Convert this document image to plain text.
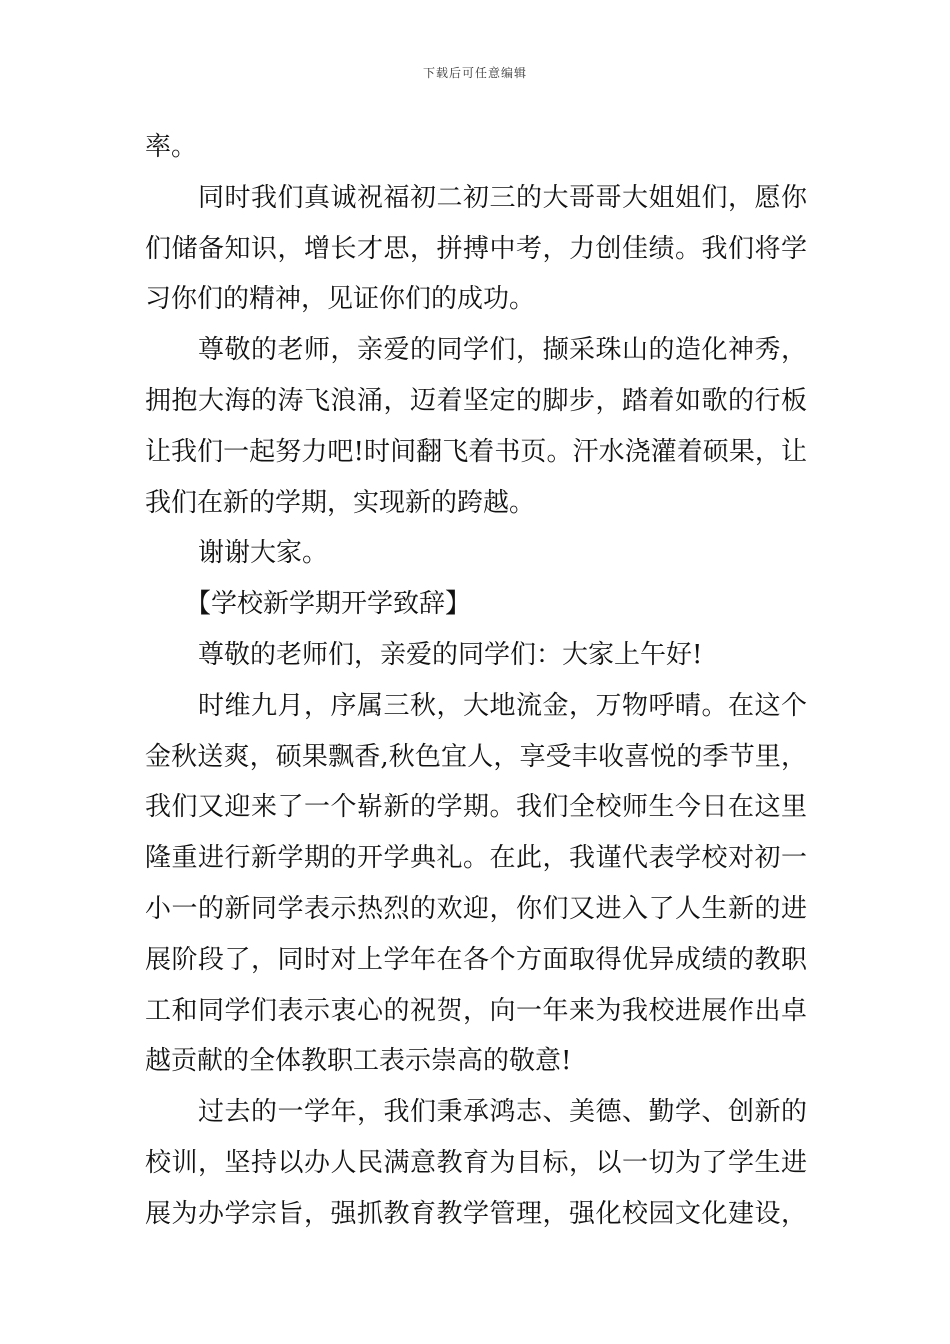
下载后可任意编辑
率。
同时我们真诚祝福初二初三的大哥哥大姐姐们，愿你
们储备知识，增长才思，拼搏中考，力创佳绩。我们将学
习你们的精神，见证你们的成功。
尊敬的老师，亲爱的同学们，撷采珠山的造化神秀，
拥抱大海的涛飞浪涌，迈着坚定的脚步，踏着如歌的行板
让我们一起努力吧!时间翻飞着书页。汗水浇灌着硕果，让
我们在新的学期，实现新的跨越。
谢谢大家。
【学校新学期开学致辞】
尊敬的老师们，亲爱的同学们：大家上午好!
时维九月，序属三秋，大地流金，万物呼晴。在这个
金秋送爽，硕果飘香,秋色宜人，享受丰收喜悦的季节里，
我们又迎来了一个崭新的学期。我们全校师生今日在这里
隆重进行新学期的开学典礼。在此，我谨代表学校对初一
小一的新同学表示热烈的欢迎，你们又进入了人生新的进
展阶段了，同时对上学年在各个方面取得优异成绩的教职
工和同学们表示衷心的祝贺，向一年来为我校进展作出卓
越贡献的全体教职工表示崇高的敬意!
过去的一学年，我们秉承鸿志、美德、勤学、创新的
校训，坚持以办人民满意教育为目标，以一切为了学生进
展为办学宗旨，强抓教育教学管理，强化校园文化建设，
